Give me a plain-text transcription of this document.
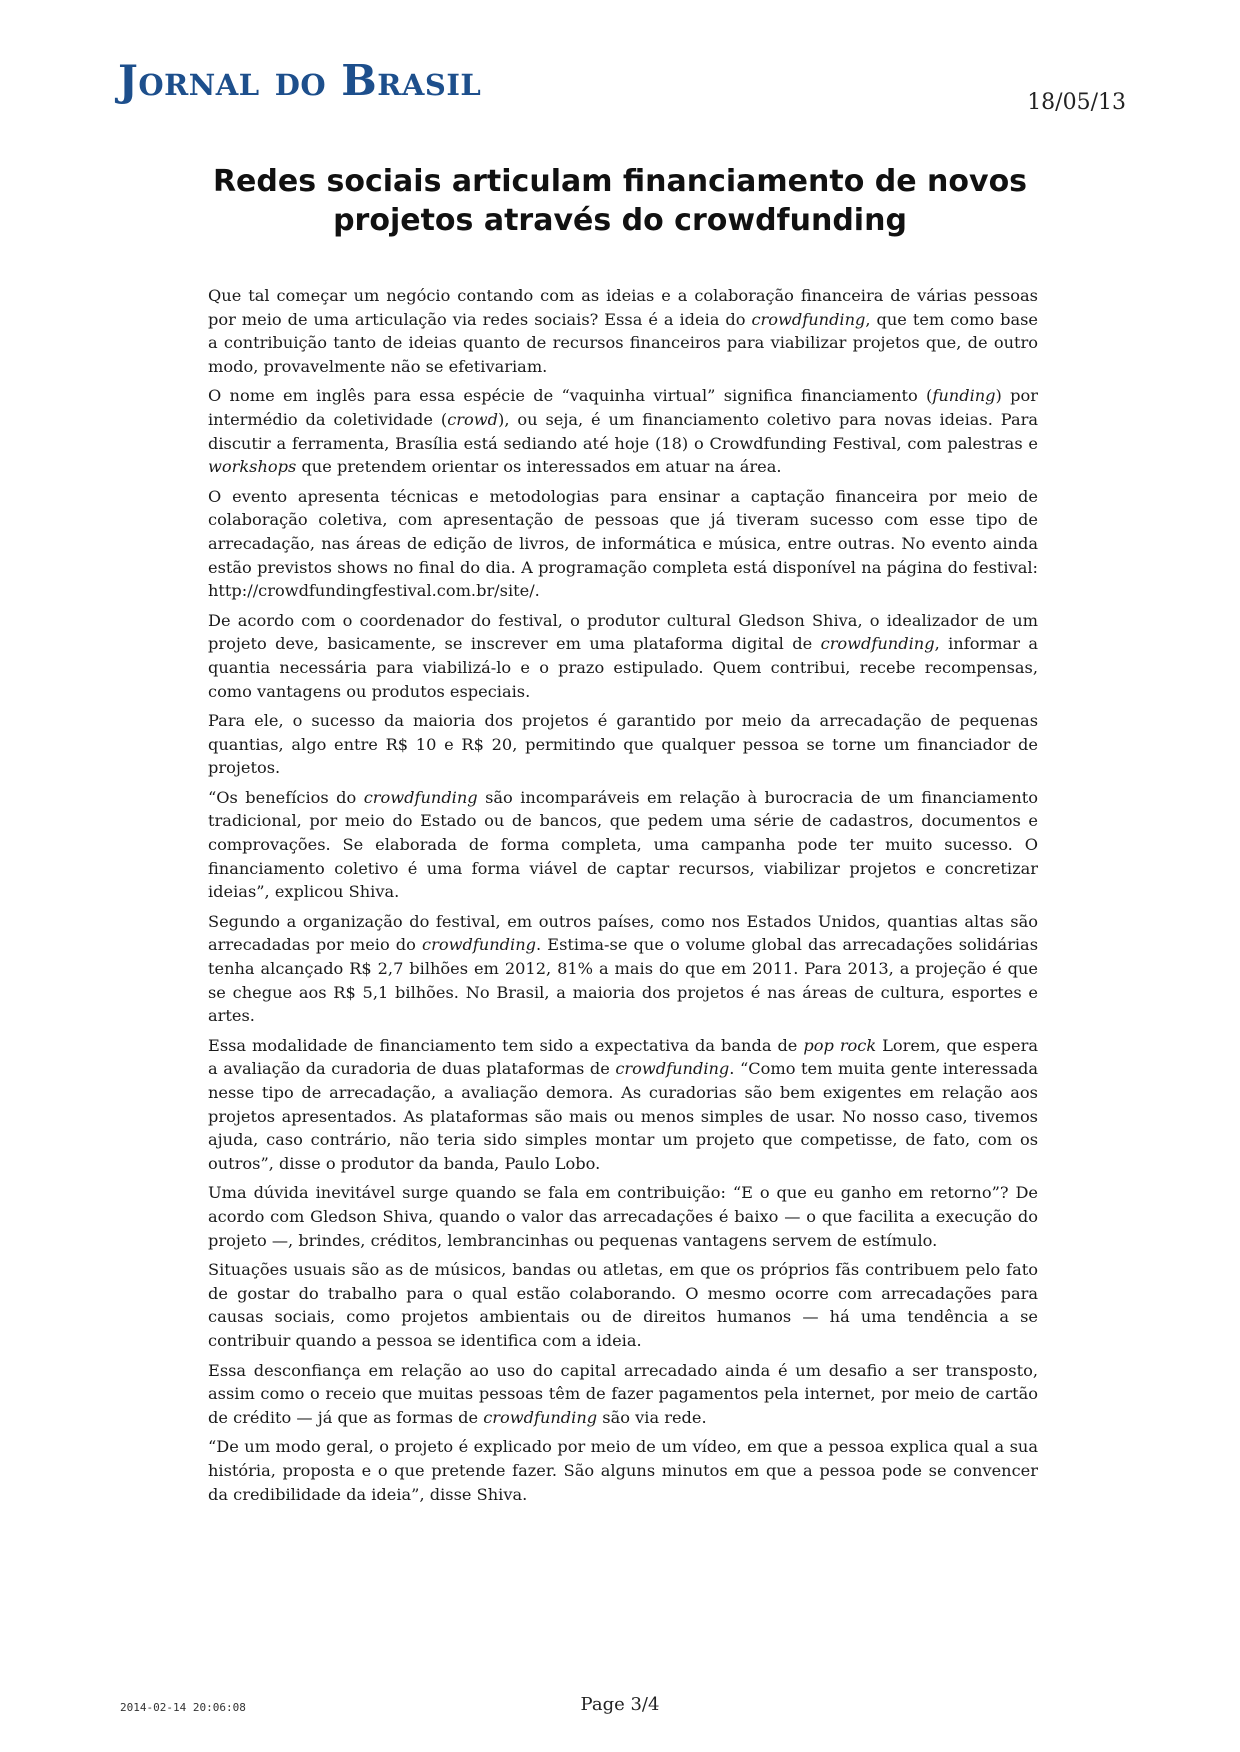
Jornal do Brasil	18/05/13
Redes sociais articulam financiamento de novos projetos através do crowdfunding

Que tal começar um negócio contando com as ideias e a colaboração financeira de várias pessoas por meio de uma articulação via redes sociais? Essa é a ideia do crowdfunding, que tem como base a contribuição tanto de ideias quanto de recursos financeiros para viabilizar projetos que, de outro modo, provavelmente não se efetivariam.

O nome em inglês para essa espécie de “vaquinha virtual” significa financiamento (funding) por intermédio da coletividade (crowd), ou seja, é um financiamento coletivo para novas ideias. Para discutir a ferramenta, Brasília está sediando até hoje (18) o Crowdfunding Festival, com palestras e workshops que pretendem orientar os interessados em atuar na área.

O evento apresenta técnicas e metodologias para ensinar a captação financeira por meio de colaboração coletiva, com apresentação de pessoas que já tiveram sucesso com esse tipo de arrecadação, nas áreas de edição de livros, de informática e música, entre outras. No evento ainda estão previstos shows no final do dia. A programação completa está disponível na página do festival: http://crowdfundingfestival.com.br/site/.

De acordo com o coordenador do festival, o produtor cultural Gledson Shiva, o idealizador de um projeto deve, basicamente, se inscrever em uma plataforma digital de crowdfunding, informar a quantia necessária para viabilizá-lo e o prazo estipulado. Quem contribui, recebe recompensas, como vantagens ou produtos especiais.

Para ele, o sucesso da maioria dos projetos é garantido por meio da arrecadação de pequenas quantias, algo entre R$ 10 e R$ 20, permitindo que qualquer pessoa se torne um financiador de projetos.

“Os benefícios do crowdfunding são incomparáveis em relação à burocracia de um financiamento tradicional, por meio do Estado ou de bancos, que pedem uma série de cadastros, documentos e comprovações. Se elaborada de forma completa, uma campanha pode ter muito sucesso. O financiamento coletivo é uma forma viável de captar recursos, viabilizar projetos e concretizar ideias”, explicou Shiva.

Segundo a organização do festival, em outros países, como nos Estados Unidos, quantias altas são arrecadadas por meio do crowdfunding. Estima-se que o volume global das arrecadações solidárias tenha alcançado R$ 2,7 bilhões em 2012, 81% a mais do que em 2011. Para 2013, a projeção é que se chegue aos R$ 5,1 bilhões. No Brasil, a maioria dos projetos é nas áreas de cultura, esportes e artes.

Essa modalidade de financiamento tem sido a expectativa da banda de pop rock Lorem, que espera a avaliação da curadoria de duas plataformas de crowdfunding. “Como tem muita gente interessada nesse tipo de arrecadação, a avaliação demora. As curadorias são bem exigentes em relação aos projetos apresentados. As plataformas são mais ou menos simples de usar. No nosso caso, tivemos ajuda, caso contrário, não teria sido simples montar um projeto que competisse, de fato, com os outros”, disse o produtor da banda, Paulo Lobo.

Uma dúvida inevitável surge quando se fala em contribuição: “E o que eu ganho em retorno”? De acordo com Gledson Shiva, quando o valor das arrecadações é baixo — o que facilita a execução do projeto —, brindes, créditos, lembrancinhas ou pequenas vantagens servem de estímulo.

Situações usuais são as de músicos, bandas ou atletas, em que os próprios fãs contribuem pelo fato de gostar do trabalho para o qual estão colaborando. O mesmo ocorre com arrecadações para causas sociais, como projetos ambientais ou de direitos humanos — há uma tendência a se contribuir quando a pessoa se identifica com a ideia.

Essa desconfiança em relação ao uso do capital arrecadado ainda é um desafio a ser transposto, assim como o receio que muitas pessoas têm de fazer pagamentos pela internet, por meio de cartão de crédito — já que as formas de crowdfunding são via rede.

“De um modo geral, o projeto é explicado por meio de um vídeo, em que a pessoa explica qual a sua história, proposta e o que pretende fazer. São alguns minutos em que a pessoa pode se convencer da credibilidade da ideia”, disse Shiva.

2014-02-14 20:06:08	Page 3/4
